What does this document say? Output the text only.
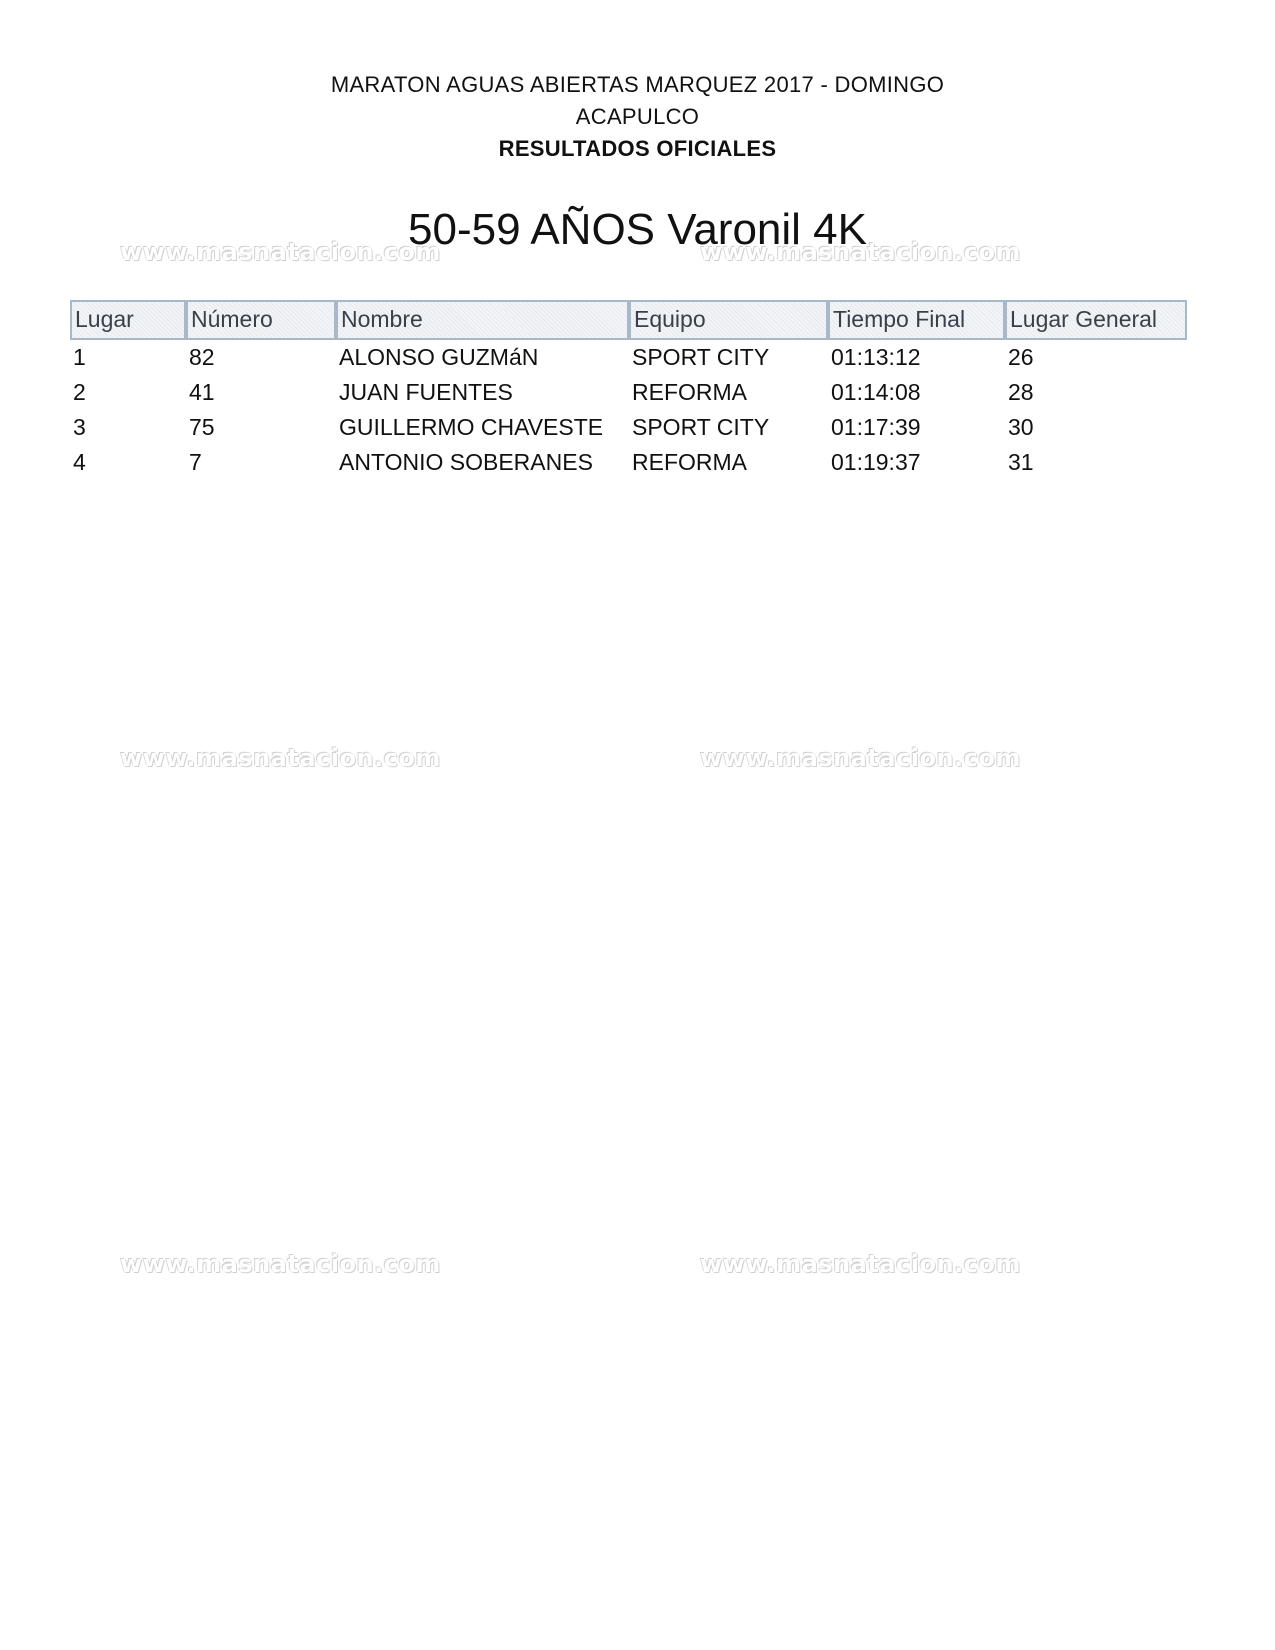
MARATON AGUAS ABIERTAS MARQUEZ 2017 - DOMINGO
ACAPULCO
RESULTADOS OFICIALES
www.masnatacion.com	www.masnatacion.com
www.masnatacion.com	www.masnatacion.com
www.masnatacion.com	www.masnatacion.com
50-59 AÑOS Varonil 4K
Lugar	Número	Nombre	Equipo	Tiempo Final	Lugar General
1	82	ALONSO GUZMáN	SPORT CITY	01:13:12	26
2	41	JUAN FUENTES	REFORMA	01:14:08	28
3	75	GUILLERMO CHAVESTE	SPORT CITY	01:17:39	30
4	7	ANTONIO SOBERANES	REFORMA	01:19:37	31
